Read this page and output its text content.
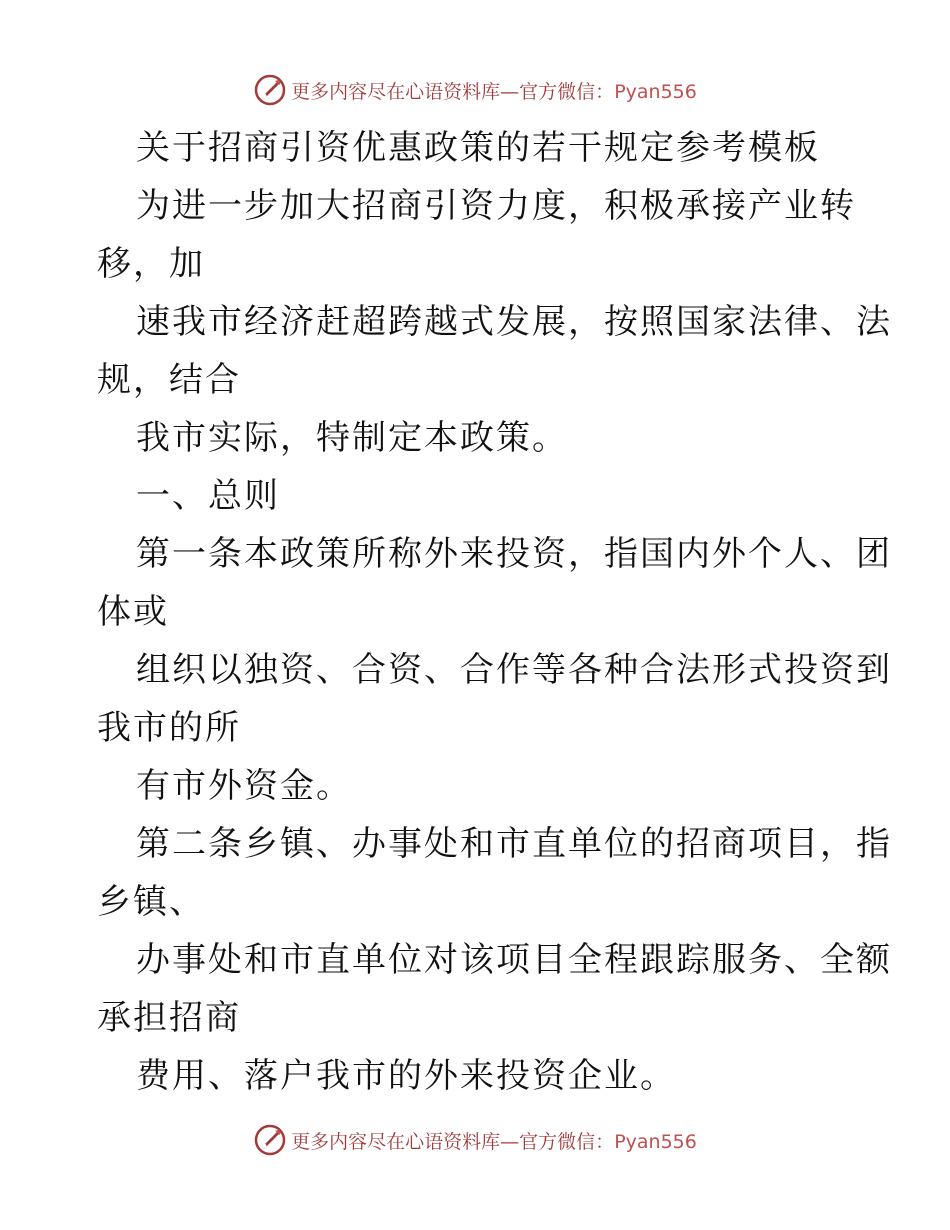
更多内容尽在心语资料库—官方微信：Pyan556
关于招商引资优惠政策的若干规定参考模板
为进一步加大招商引资力度，积极承接产业转
移，加
速我市经济赶超跨越式发展，按照国家法律、法
规，结合
我市实际，特制定本政策。
一、总则
第一条本政策所称外来投资，指国内外个人、团
体或
组织以独资、合资、合作等各种合法形式投资到
我市的所
有市外资金。
第二条乡镇、办事处和市直单位的招商项目，指
乡镇、
办事处和市直单位对该项目全程跟踪服务、全额
承担招商
费用、落户我市的外来投资企业。
更多内容尽在心语资料库—官方微信：Pyan556
